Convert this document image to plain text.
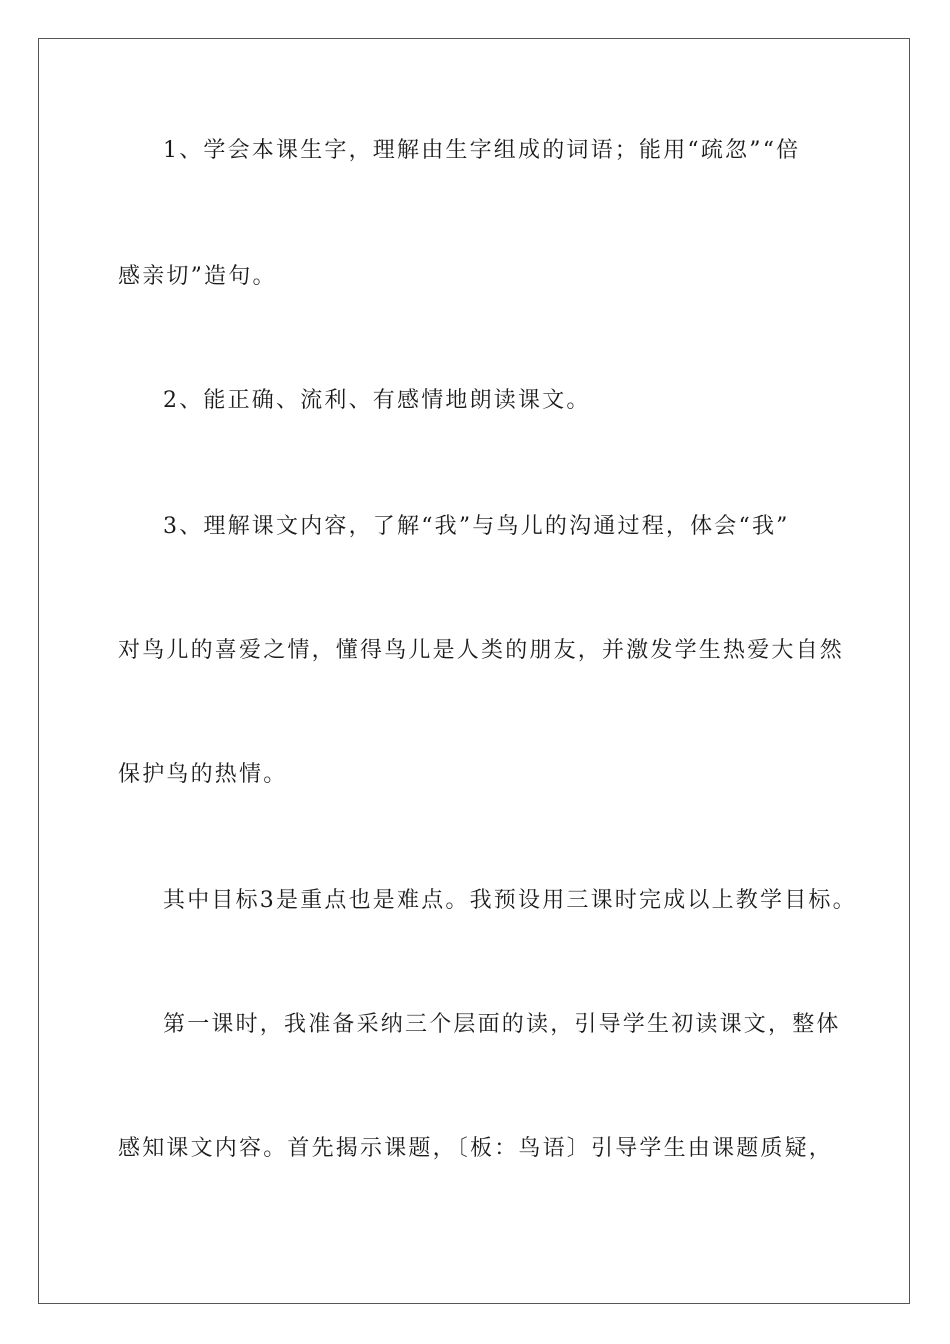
1、学会本课生字，理解由生字组成的词语；能用“疏忽”“倍
感亲切”造句。
2、能正确、流利、有感情地朗读课文。
3、理解课文内容，了解“我”与鸟儿的沟通过程，体会“我”
对鸟儿的喜爱之情，懂得鸟儿是人类的朋友，并激发学生热爱大自然
保护鸟的热情。
其中目标3是重点也是难点。我预设用三课时完成以上教学目标。
第一课时，我准备采纳三个层面的读，引导学生初读课文，整体
感知课文内容。首先揭示课题，〔板：鸟语〕引导学生由课题质疑，
